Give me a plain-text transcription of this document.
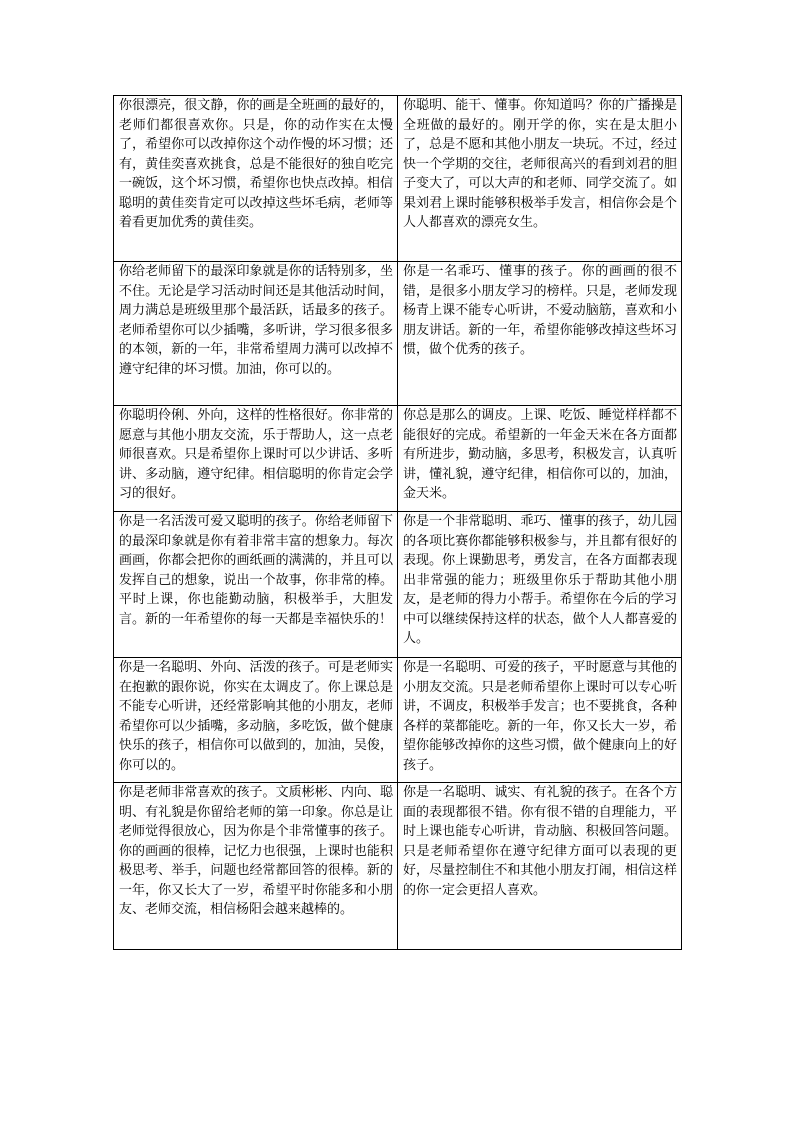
你很漂亮，很文静，你的画是全班画的最好的，老师们都很喜欢你。只是，你的动作实在太慢了，希望你可以改掉你这个动作慢的坏习惯；还有，黄佳奕喜欢挑食，总是不能很好的独自吃完一碗饭，这个坏习惯，希望你也快点改掉。相信聪明的黄佳奕肯定可以改掉这些坏毛病，老师等着看更加优秀的黄佳奕。	你聪明、能干、懂事。你知道吗？你的广播操是全班做的最好的。刚开学的你，实在是太胆小了，总是不愿和其他小朋友一块玩。不过，经过快一个学期的交往，老师很高兴的看到刘君的胆子变大了，可以大声的和老师、同学交流了。如果刘君上课时能够积极举手发言，相信你会是个人人都喜欢的漂亮女生。
你给老师留下的最深印象就是你的话特别多，坐不住。无论是学习活动时间还是其他活动时间，周力满总是班级里那个最活跃，话最多的孩子。老师希望你可以少插嘴，多听讲，学习很多很多的本领，新的一年，非常希望周力满可以改掉不遵守纪律的坏习惯。加油，你可以的。	你是一名乖巧、懂事的孩子。你的画画的很不错，是很多小朋友学习的榜样。只是，老师发现杨青上课不能专心听讲，不爱动脑筋，喜欢和小朋友讲话。新的一年，希望你能够改掉这些坏习惯，做个优秀的孩子。
你聪明伶俐、外向，这样的性格很好。你非常的愿意与其他小朋友交流，乐于帮助人，这一点老师很喜欢。只是希望你上课时可以少讲话、多听讲、多动脑，遵守纪律。相信聪明的你肯定会学习的很好。	你总是那么的调皮。上课、吃饭、睡觉样样都不能很好的完成。希望新的一年金天米在各方面都有所进步，勤动脑，多思考，积极发言，认真听讲，懂礼貌，遵守纪律，相信你可以的，加油，金天米。
你是一名活泼可爱又聪明的孩子。你给老师留下的最深印象就是你有着非常丰富的想象力。每次画画，你都会把你的画纸画的满满的，并且可以发挥自己的想象，说出一个故事，你非常的棒。平时上课，你也能勤动脑，积极举手，大胆发言。新的一年希望你的每一天都是幸福快乐的！	你是一个非常聪明、乖巧、懂事的孩子，幼儿园的各项比赛你都能够积极参与，并且都有很好的表现。你上课勤思考，勇发言，在各方面都表现出非常强的能力；班级里你乐于帮助其他小朋友，是老师的得力小帮手。希望你在今后的学习中可以继续保持这样的状态，做个人人都喜爱的人。
你是一名聪明、外向、活泼的孩子。可是老师实在抱歉的跟你说，你实在太调皮了。你上课总是不能专心听讲，还经常影响其他的小朋友，老师希望你可以少插嘴，多动脑，多吃饭，做个健康快乐的孩子，相信你可以做到的，加油，吴俊，你可以的。	你是一名聪明、可爱的孩子，平时愿意与其他的小朋友交流。只是老师希望你上课时可以专心听讲，不调皮，积极举手发言；也不要挑食，各种各样的菜都能吃。新的一年，你又长大一岁，希望你能够改掉你的这些习惯，做个健康向上的好孩子。
你是老师非常喜欢的孩子。文质彬彬、内向、聪明、有礼貌是你留给老师的第一印象。你总是让老师觉得很放心，因为你是个非常懂事的孩子。你的画画的很棒，记忆力也很强，上课时也能积极思考、举手，问题也经常都回答的很棒。新的一年，你又长大了一岁，希望平时你能多和小朋友、老师交流，相信杨阳会越来越棒的。	你是一名聪明、诚实、有礼貌的孩子。在各个方面的表现都很不错。你有很不错的自理能力，平时上课也能专心听讲，肯动脑、积极回答问题。只是老师希望你在遵守纪律方面可以表现的更好，尽量控制住不和其他小朋友打闹，相信这样的你一定会更招人喜欢。
